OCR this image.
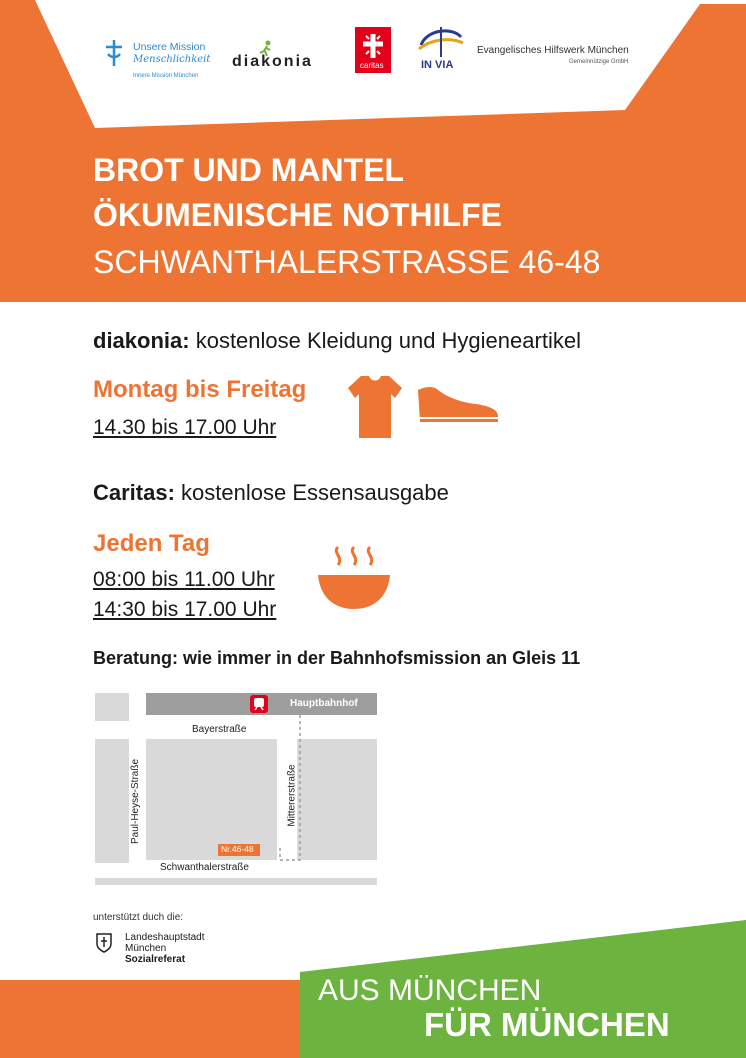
Unsere Mission
Menschlichkeit
Innere Mission München
diakonia	caritas	IN VIA
Evangelisches Hilfswerk München
Gemeinnützige GmbH
BROT UND MANTEL
ÖKUMENISCHE NOTHILFE
SCHWANTHALERSTRASSE 46-48
diakonia: kostenlose Kleidung und Hygieneartikel
Montag bis Freitag
14.30 bis 17.00 Uhr
Caritas: kostenlose Essensausgabe
Jeden Tag
08:00 bis 11.00 Uhr
14:30 bis 17.00 Uhr
Beratung: wie immer in der Bahnhofsmission an Gleis 11
Hauptbahnhof
Bayerstraße
Paul-Heyse-Straße	Mittererstraße
Nr.46-48
Schwanthalerstraße
unterstützt duch die:
Landeshauptstadt
München
Sozialreferat
AUS MÜNCHEN
FÜR MÜNCHEN
